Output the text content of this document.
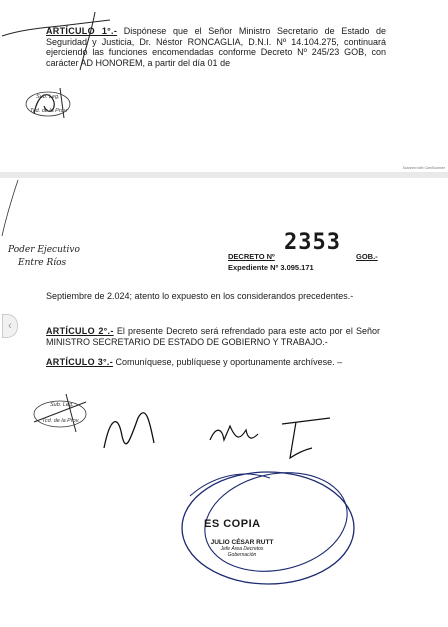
ARTÍCULO 1°.- Dispónese que el Señor Ministro Secretario de Estado de Seguridad y Justicia, Dr. Néstor RONCAGLIA, D.N.I. Nº 14.104.275, continuará ejerciendo las funciones encomendadas conforme Decreto Nº 245/23 GOB, con carácter AD HONOREM, a partir del día 01 de
Sub. Leg.
Tcd. de la Prov.
Scanned with CamScanner
Poder Ejecutivo
Entre Ríos
DECRETO Nº
2353
GOB.-
Expediente Nº 3.095.171
Septiembre de 2.024; atento lo expuesto en los considerandos precedentes.-
ARTÍCULO 2°.- El presente Decreto será refrendado para este acto por el Señor MINISTRO SECRETARIO DE ESTADO DE GOBIERNO Y TRABAJO.-
ARTÍCULO 3°.- Comuníquese, publíquese y oportunamente archívese. –
Sub. Leg.
Tcd. de la Prov.
ES COPIA
JULIO CÉSAR RUTT
Jefe Área Decretos
Gobernación
‹
